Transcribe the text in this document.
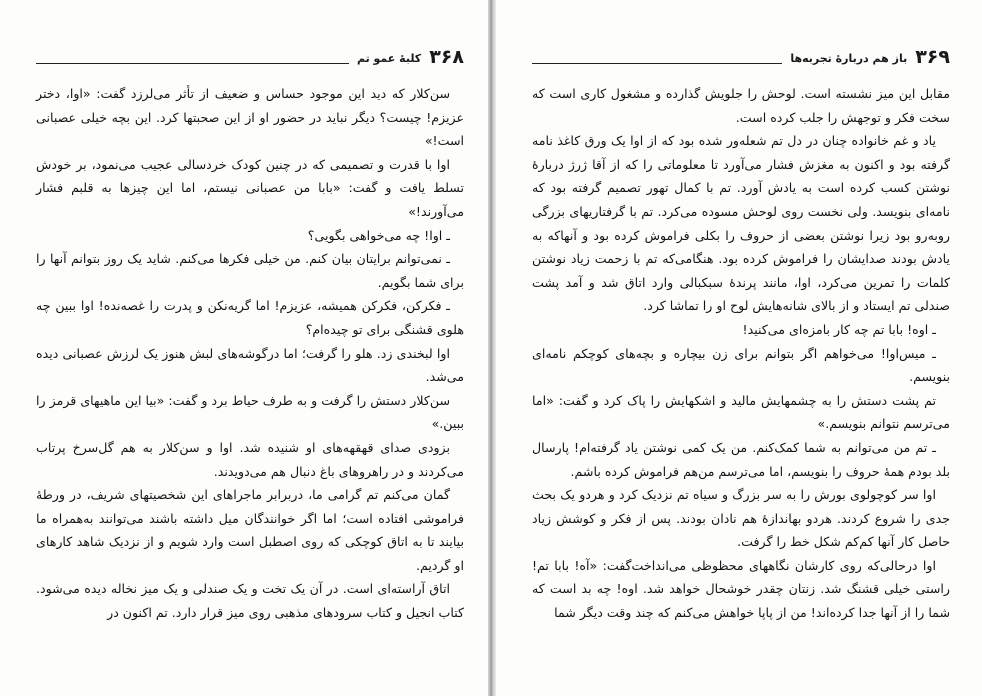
۳۶۸
کلبهٔ عمو تم

سن‌کلار که دید این موجود حساس و ضعیف از تأثر می‌لرزد گفت: «اوا، دختر عزیزم! چیست؟ دیگر نباید در حضور او از این صحبتها کرد. این بچه خیلی عصبانی است!»

اوا با قدرت و تصمیمی که در چنین کودک خردسالی عجیب می‌نمود، بر خودش تسلط یافت و گفت: «بابا من عصبانی نیستم، اما این چیزها به قلبم فشار می‌آورند!»

ـ اوا! چه می‌خواهی بگویی؟

ـ نمی‌توانم برایتان بیان کنم. من خیلی فکرها می‌کنم. شاید یک روز بتوانم آنها را برای شما بگویم.

ـ فکرکن، فکرکن همیشه، عزیزم! اما گریه‌نکن و پدرت را غصه‌نده! اوا ببین چه هلوی قشنگی برای تو چیده‌ام؟

اوا لبخندی زد. هلو را گرفت؛ اما درگوشه‌های لبش هنوز یک لرزش عصبانی دیده می‌شد.

سن‌کلار دستش را گرفت و به طرف حیاط برد و گفت: «بیا این ماهیهای قرمز را ببین.»

بزودی صدای قهقهه‌های او شنیده شد. اوا و سن‌کلار به هم گل‌سرخ پرتاب می‌کردند و در راهروهای باغ دنبال هم می‌دویدند.

گمان می‌کنم تم گرامی ما، دربرابر ماجراهای این شخصیتهای شریف، در ورطهٔ فراموشی افتاده است؛ اما اگر خوانندگان میل داشته باشند می‌توانند به‌همراه ما بیایند تا به اتاق کوچکی که روی اصطبل است وارد شویم و از نزدیک شاهد کارهای او گردیم.

اتاق آراسته‌ای است. در آن یک تخت و یک صندلی و یک میز نخاله دیده می‌شود. کتاب انجیل و کتاب سرودهای مذهبی روی میز قرار دارد. تم اکنون در

۳۶۹
باز هم دربارهٔ تجربه‌ها

مقابل این میز نشسته است. لوحش را جلویش گذارده و مشغول کاری است که سخت فکر و توجهش را جلب کرده است.

یاد و غم خانواده چنان در دل تم شعله‌ور شده بود که از اوا یک ورق کاغذ نامه گرفته بود و اکنون به مغزش فشار می‌آورد تا معلوماتی را که از آقا ژرژ دربارهٔ نوشتن کسب کرده است به یادش آورد. تم با کمال تهور تصمیم گرفته بود که نامه‌ای بنویسد. ولی نخست روی لوحش مسوده می‌کرد. تم با گرفتاریهای بزرگی روبه‌رو بود زیرا نوشتن بعضی از حروف را بکلی فراموش کرده بود و آنهاکه به یادش بودند صدایشان را فراموش کرده بود. هنگامی‌که تم با زحمت زیاد نوشتن کلمات را تمرین می‌کرد، اوا، مانند پرندهٔ سبکبالی وارد اتاق شد و آمد پشت صندلی تم ایستاد و از بالای شانه‌هایش لوح او را تماشا کرد.

ـ اوه! بابا تم چه کار بامزه‌ای می‌کنید!

ـ میس‌اوا! می‌خواهم اگر بتوانم برای زن بیچاره و بچه‌های کوچکم نامه‌ای بنویسم.

تم پشت دستش را به چشمهایش مالید و اشکهایش را پاک کرد و گفت: «اما می‌ترسم نتوانم بنویسم.»

ـ تم من می‌توانم به شما کمک‌کنم. من یک کمی نوشتن یاد گرفته‌ام! پارسال بلد بودم همهٔ حروف را بنویسم، اما می‌ترسم من‌هم فراموش کرده باشم.

اوا سر کوچولوی بورش را به سر بزرگ و سیاه تم نزدیک کرد و هردو یک بحث جدی را شروع کردند. هردو بهاندازهٔ هم نادان بودند. پس از فکر و کوشش زیاد حاصل کار آنها کم‌کم شکل خط را گرفت.

اوا درحالی‌که روی کارشان نگاههای محظوظی می‌انداخت‌گفت: «آه! بابا تم! راستی خیلی قشنگ شد. زنتان چقدر خوشحال خواهد شد. اوه! چه بد است که شما را از آنها جدا کرده‌اند! من از پاپا خواهش می‌کنم که چند وقت دیگر شما
